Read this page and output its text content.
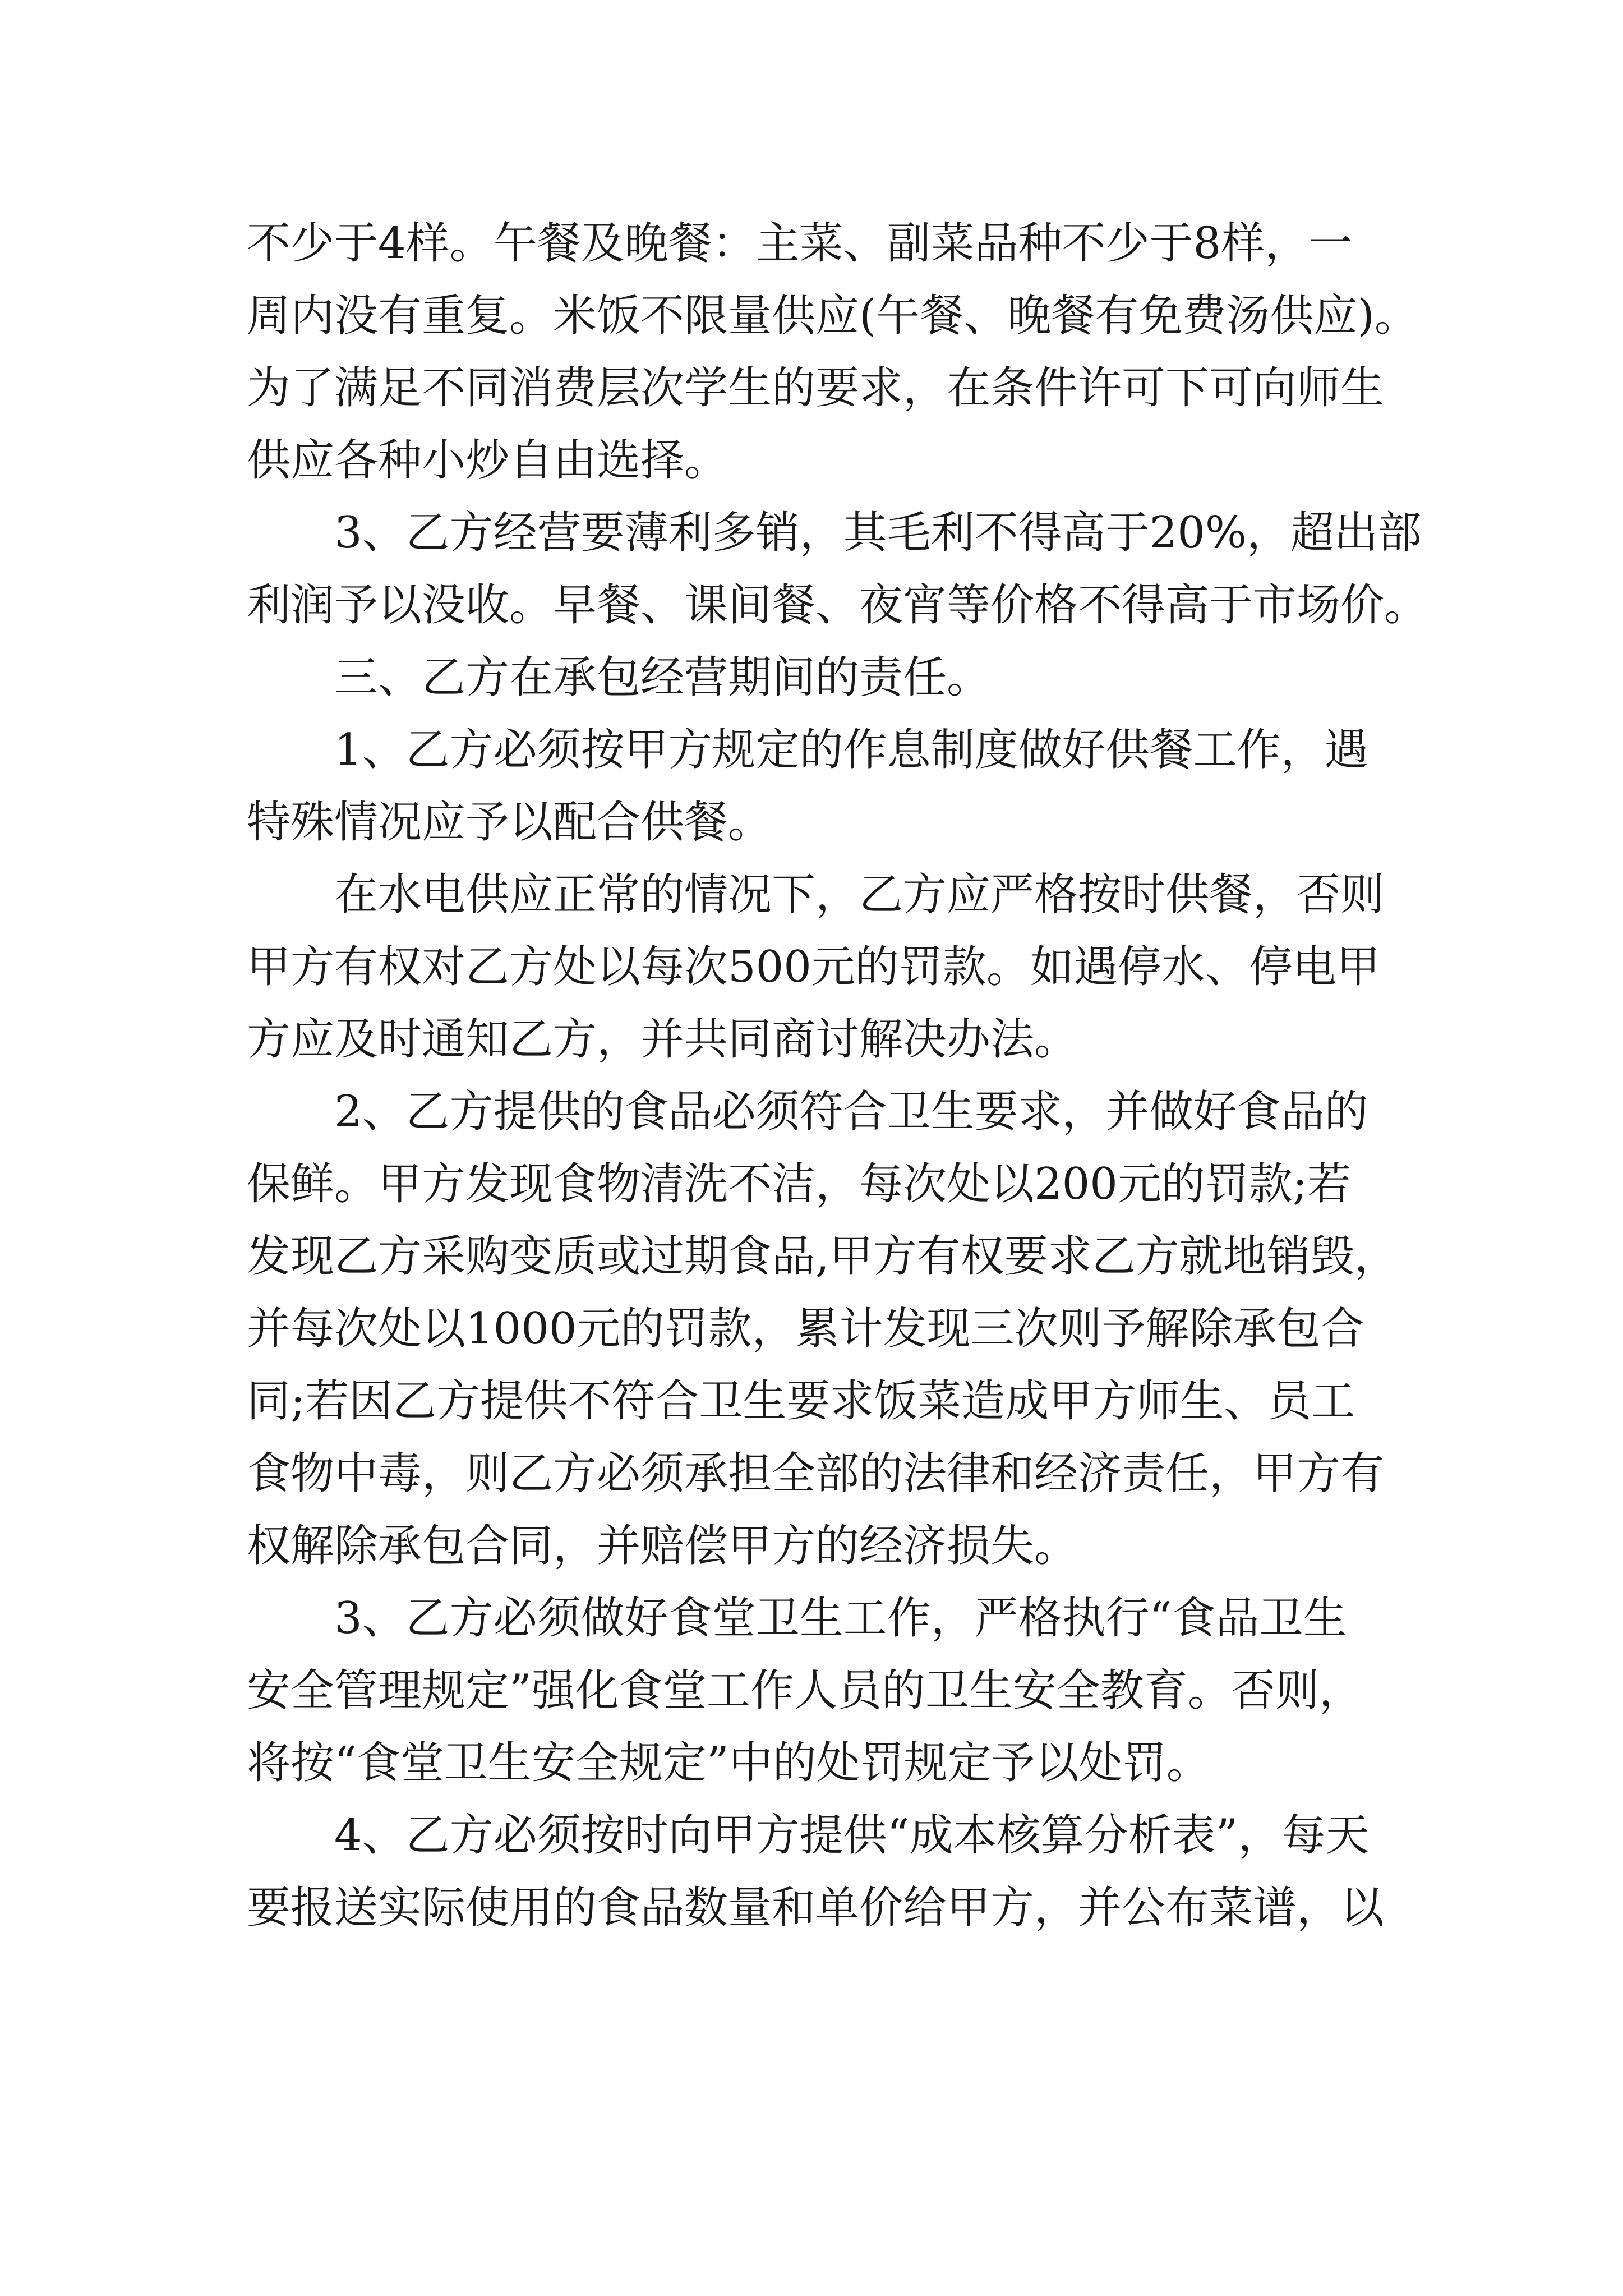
不少于4样。午餐及晚餐：主菜、副菜品种不少于8样，一
周内没有重复。米饭不限量供应(午餐、晚餐有免费汤供应)。
为了满足不同消费层次学生的要求，在条件许可下可向师生
供应各种小炒自由选择。
3、乙方经营要薄利多销，其毛利不得高于20%，超出部
利润予以没收。早餐、课间餐、夜宵等价格不得高于市场价。
三、乙方在承包经营期间的责任。
1、乙方必须按甲方规定的作息制度做好供餐工作，遇
特殊情况应予以配合供餐。
在水电供应正常的情况下，乙方应严格按时供餐，否则
甲方有权对乙方处以每次500元的罚款。如遇停水、停电甲
方应及时通知乙方，并共同商讨解决办法。
2、乙方提供的食品必须符合卫生要求，并做好食品的
保鲜。甲方发现食物清洗不洁，每次处以200元的罚款;若
发现乙方采购变质或过期食品,甲方有权要求乙方就地销毁，
并每次处以1000元的罚款，累计发现三次则予解除承包合
同;若因乙方提供不符合卫生要求饭菜造成甲方师生、员工
食物中毒，则乙方必须承担全部的法律和经济责任，甲方有
权解除承包合同，并赔偿甲方的经济损失。
3、乙方必须做好食堂卫生工作，严格执行“食品卫生
安全管理规定”强化食堂工作人员的卫生安全教育。否则，
将按“食堂卫生安全规定”中的处罚规定予以处罚。
4、乙方必须按时向甲方提供“成本核算分析表”，每天
要报送实际使用的食品数量和单价给甲方，并公布菜谱，以
